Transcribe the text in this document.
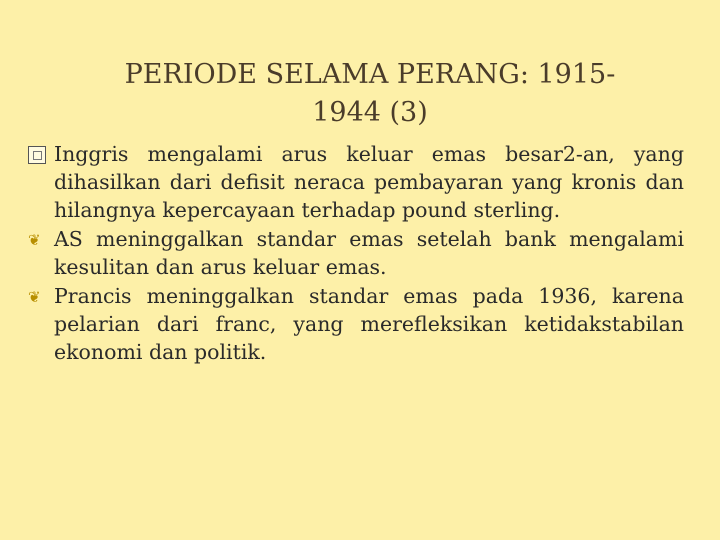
PERIODE SELAMA PERANG: 1915-
1944 (3)
Inggris mengalami arus keluar emas besar2-an, yang dihasilkan dari defisit neraca pembayaran yang kronis dan hilangnya kepercayaan terhadap pound sterling.
❦ AS meninggalkan standar emas setelah bank mengalami kesulitan dan arus keluar emas.
❦ Prancis meninggalkan standar emas pada 1936, karena pelarian dari franc, yang merefleksikan ketidakstabilan ekonomi dan politik.
